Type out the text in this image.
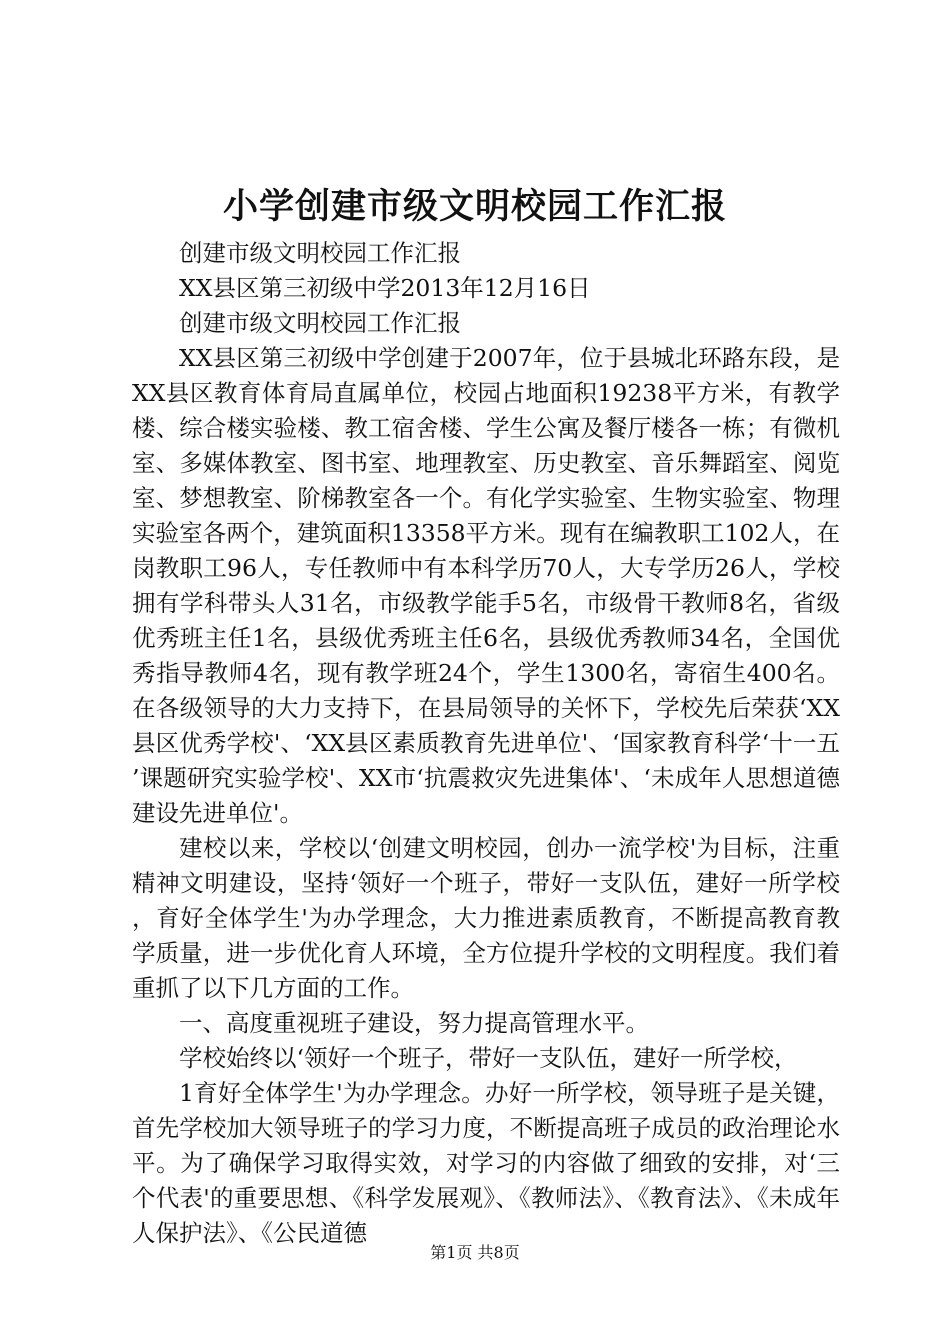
小学创建市级文明校园工作汇报

创建市级文明校园工作汇报

XX县区第三初级中学2013年12月16日

创建市级文明校园工作汇报

XX县区第三初级中学创建于2007年，位于县城北环路东段，是XX县区教育体育局直属单位，校园占地面积19238平方米，有教学楼、综合楼实验楼、教工宿舍楼、学生公寓及餐厅楼各一栋；有微机室、多媒体教室、图书室、地理教室、历史教室、音乐舞蹈室、阅览室、梦想教室、阶梯教室各一个。有化学实验室、生物实验室、物理实验室各两个，建筑面积13358平方米。现有在编教职工102人，在岗教职工96人，专任教师中有本科学历70人，大专学历26人，学校拥有学科带头人31名，市级教学能手5名，市级骨干教师8名，省级优秀班主任1名，县级优秀班主任6名，县级优秀教师34名，全国优秀指导教师4名，现有教学班24个，学生1300名，寄宿生400名。在各级领导的大力支持下，在县局领导的关怀下，学校先后荣获‘XX县区优秀学校'、‘XX县区素质教育先进单位'、‘国家教育科学‘十一五’课题研究实验学校'、XX市‘抗震救灾先进集体'、‘未成年人思想道德建设先进单位'。

建校以来，学校以‘创建文明校园，创办一流学校'为目标，注重精神文明建设，坚持‘领好一个班子，带好一支队伍，建好一所学校，育好全体学生'为办学理念，大力推进素质教育，不断提高教育教学质量，进一步优化育人环境，全方位提升学校的文明程度。我们着重抓了以下几方面的工作。

一、高度重视班子建设，努力提高管理水平。

学校始终以‘领好一个班子，带好一支队伍，建好一所学校，

1育好全体学生'为办学理念。办好一所学校，领导班子是关键，首先学校加大领导班子的学习力度，不断提高班子成员的政治理论水平。为了确保学习取得实效，对学习的内容做了细致的安排，对‘三个代表'的重要思想、《科学发展观》、《教师法》、《教育法》、《未成年人保护法》、《公民道德

第1页 共8页
